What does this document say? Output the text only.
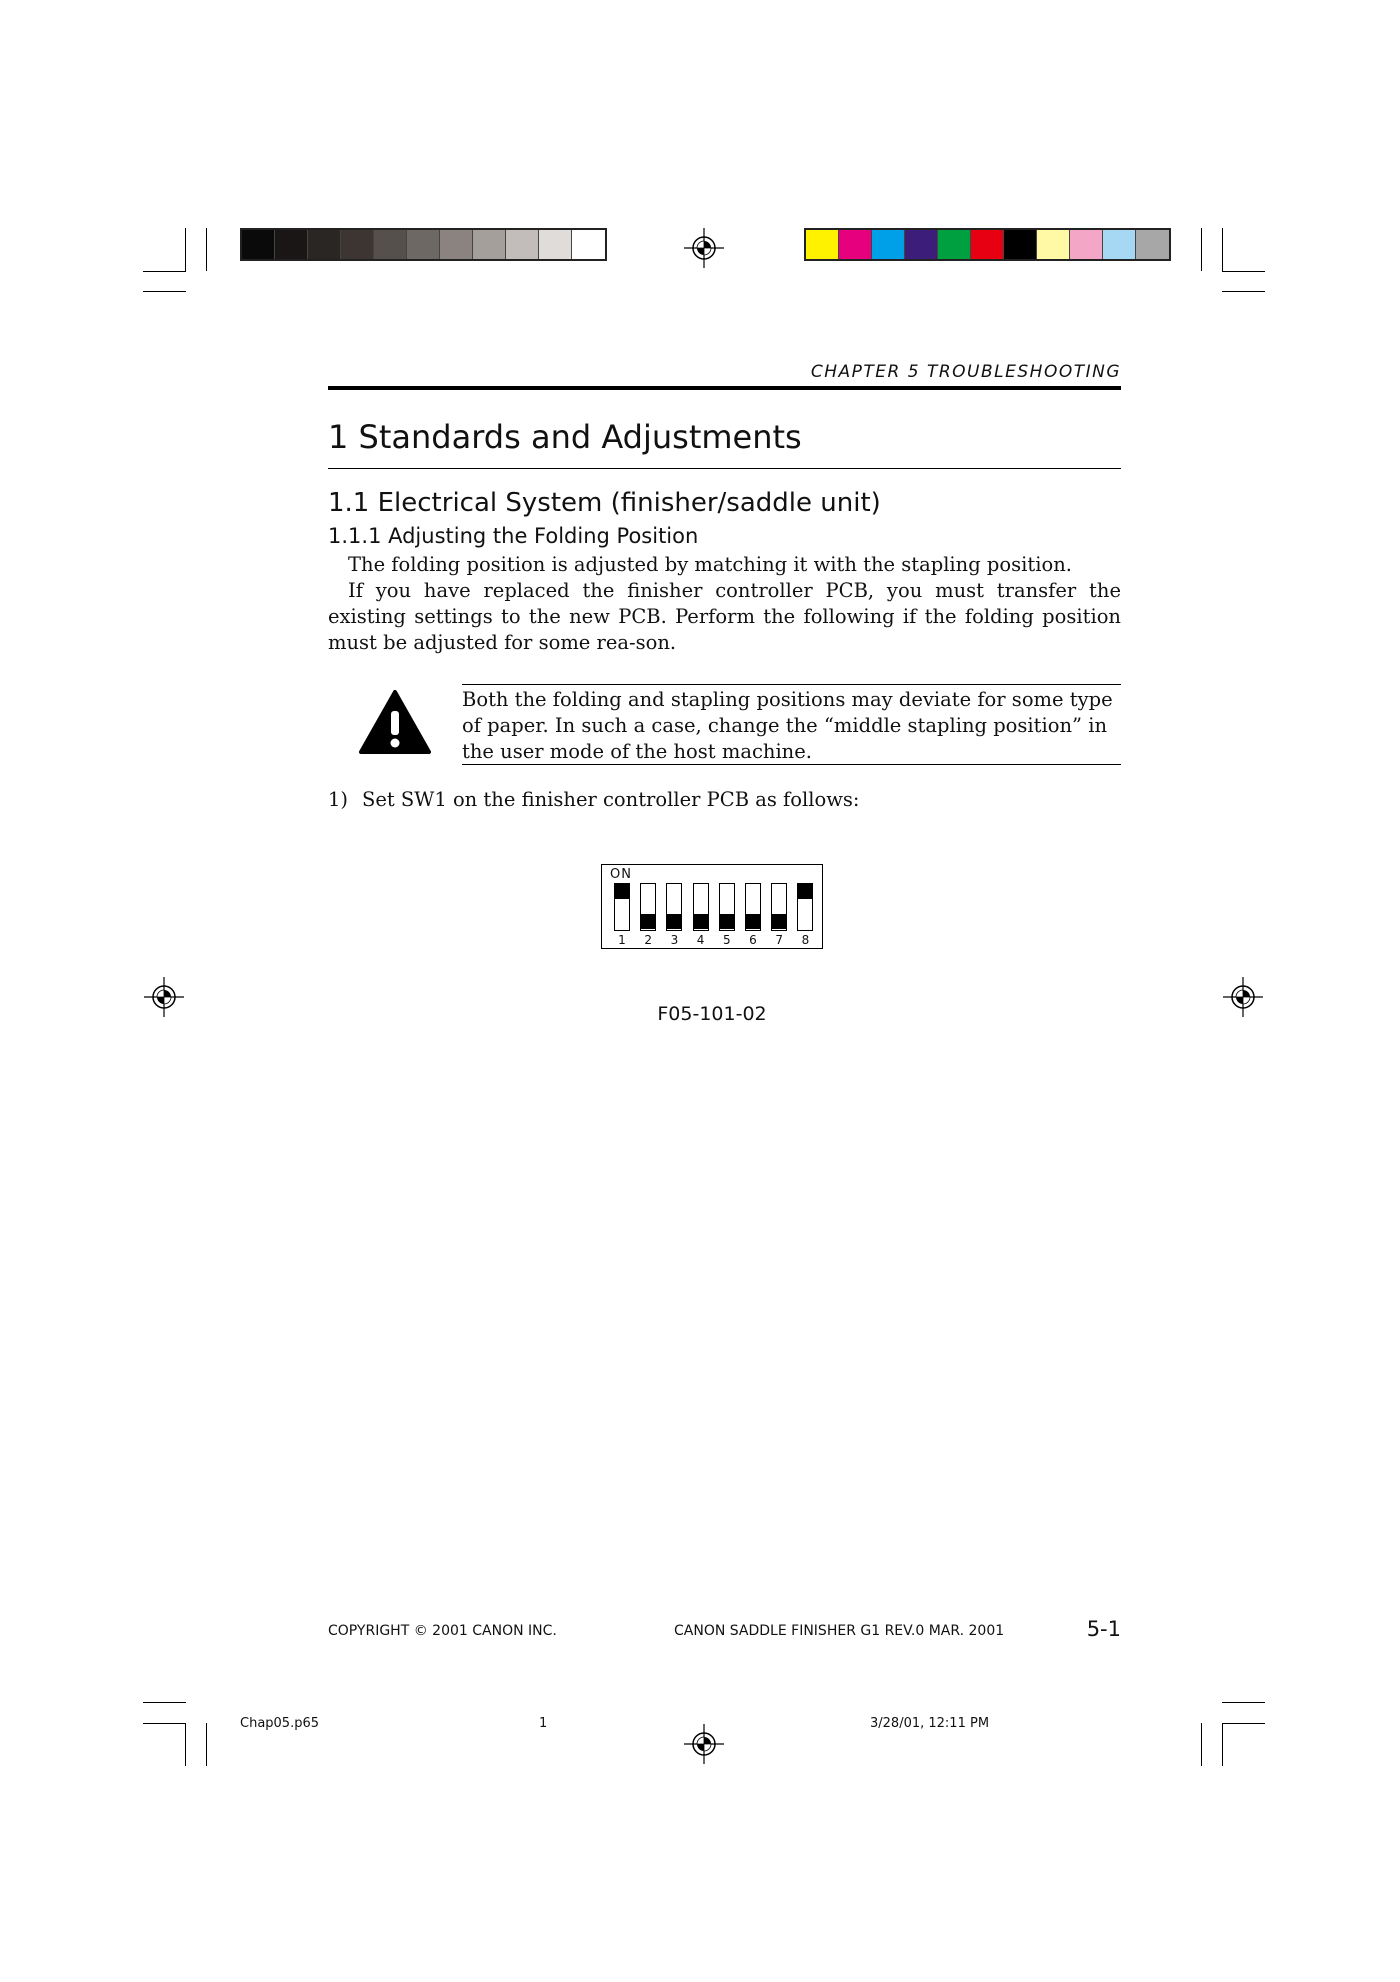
CHAPTER 5 TROUBLESHOOTING
1 Standards and Adjustments
1.1 Electrical System (finisher/saddle unit)
1.1.1 Adjusting the Folding Position

The folding position is adjusted by matching it with the stapling position.

If you have replaced the finisher controller PCB, you must transfer the existing settings to the new PCB. Perform the following if the folding position must be adjusted for some rea-son.

Both the folding and stapling positions may deviate for some type of paper. In such a case, change the “middle stapling position” in the user mode of the host machine.
1) Set SW1 on the finisher controller PCB as follows:
ON
1	2	3	4	5	6	7	8
F05-101-02
COPYRIGHT © 2001 CANON INC.	CANON SADDLE FINISHER G1 REV.0 MAR. 2001	5-1
Chap05.p65	1	3/28/01, 12:11 PM
